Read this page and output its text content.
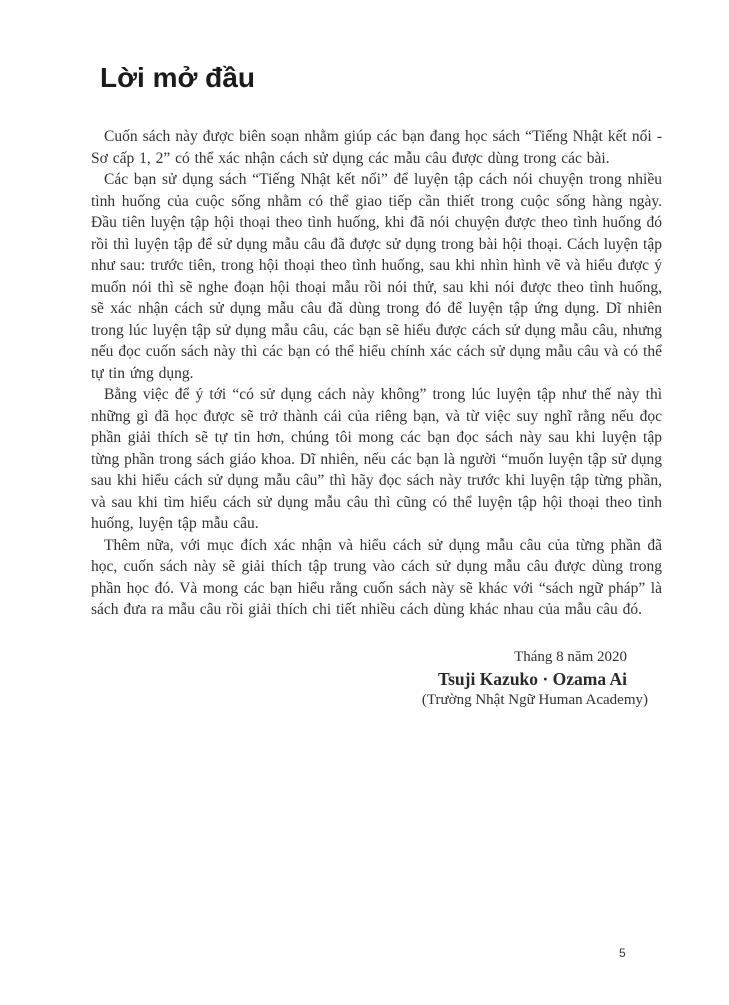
Lời mở đầu

Cuốn sách này được biên soạn nhằm giúp các bạn đang học sách “Tiếng Nhật kết nối - Sơ cấp 1, 2” có thể xác nhận cách sử dụng các mẫu câu được dùng trong các bài.

Các bạn sử dụng sách “Tiếng Nhật kết nối” để luyện tập cách nói chuyện trong nhiều tình huống của cuộc sống nhằm có thể giao tiếp cần thiết trong cuộc sống hàng ngày. Đầu tiên luyện tập hội thoại theo tình huống, khi đã nói chuyện được theo tình huống đó rồi thì luyện tập để sử dụng mẫu câu đã được sử dụng trong bài hội thoại. Cách luyện tập như sau: trước tiên, trong hội thoại theo tình huống, sau khi nhìn hình vẽ và hiểu được ý muốn nói thì sẽ nghe đoạn hội thoại mẫu rồi nói thử, sau khi nói được theo tình huống, sẽ xác nhận cách sử dụng mẫu câu đã dùng trong đó để luyện tập ứng dụng. Dĩ nhiên trong lúc luyện tập sử dụng mẫu câu, các bạn sẽ hiểu được cách sử dụng mẫu câu, nhưng nếu đọc cuốn sách này thì các bạn có thể hiểu chính xác cách sử dụng mẫu câu và có thể tự tin ứng dụng.

Bằng việc để ý tới “có sử dụng cách này không” trong lúc luyện tập như thế này thì những gì đã học được sẽ trở thành cái của riêng bạn, và từ việc suy nghĩ rằng nếu đọc phần giải thích sẽ tự tin hơn, chúng tôi mong các bạn đọc sách này sau khi luyện tập từng phần trong sách giáo khoa. Dĩ nhiên, nếu các bạn là người “muốn luyện tập sử dụng sau khi hiểu cách sử dụng mẫu câu” thì hãy đọc sách này trước khi luyện tập từng phần, và sau khi tìm hiểu cách sử dụng mẫu câu thì cũng có thể luyện tập hội thoại theo tình huống, luyện tập mẫu câu.

Thêm nữa, với mục đích xác nhận và hiểu cách sử dụng mẫu câu của từng phần đã học, cuốn sách này sẽ giải thích tập trung vào cách sử dụng mẫu câu được dùng trong phần học đó. Và mong các bạn hiểu rằng cuốn sách này sẽ khác với “sách ngữ pháp” là sách đưa ra mẫu câu rồi giải thích chi tiết nhiều cách dùng khác nhau của mẫu câu đó.

Tháng 8 năm 2020
Tsuji Kazuko · Ozama Ai
(Trường Nhật Ngữ Human Academy)
5
